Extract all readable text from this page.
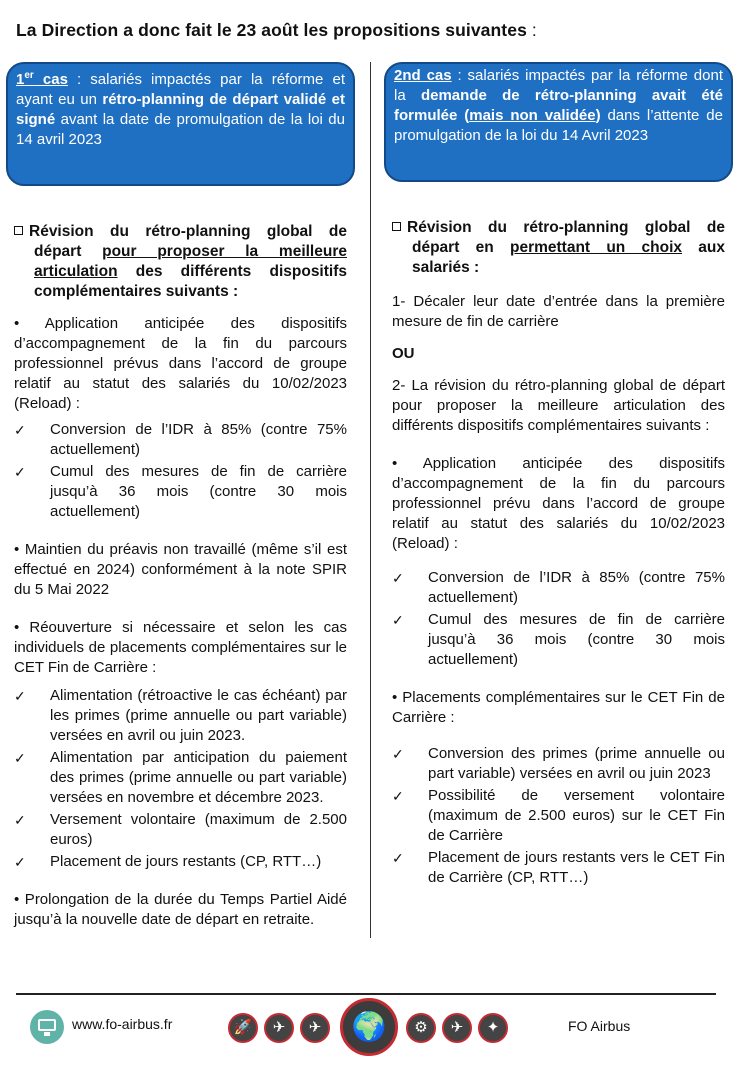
La Direction a donc fait le 23 août les propositions suivantes :
1er cas : salariés impactés par la réforme et ayant eu un rétro-planning de départ validé et signé avant la date de promulgation de la loi du 14 avril 2023
Révision du rétro-planning global de départ pour proposer la meilleure articulation des différents dispositifs complémentaires suivants :

• Application anticipée des dispositifs d’accompagnement de la fin du parcours professionnel prévus dans l’accord de groupe relatif au statut des salariés du 10/02/2023 (Reload) :

✓	Conversion de l’IDR à 85% (contre 75% actuellement)
✓	Cumul des mesures de fin de carrière jusqu’à 36 mois (contre 30 mois actuellement)

• Maintien du préavis non travaillé (même s’il est effectué en 2024) conformément à la note SPIR du 5 Mai 2022

• Réouverture si nécessaire et selon les cas individuels de placements complémentaires sur le CET Fin de Carrière :

✓	Alimentation (rétroactive le cas échéant) par les primes (prime annuelle ou part variable) versées en avril ou juin 2023.
✓	Alimentation par anticipation du paiement des primes (prime annuelle ou part variable) versées en novembre et décembre 2023.
✓	Versement volontaire (maximum de 2.500 euros)
✓	Placement de jours restants (CP, RTT…)

• Prolongation de la durée du Temps Partiel Aidé jusqu’à la nouvelle date de départ en retraite.

2nd cas : salariés impactés par la réforme dont la demande de rétro-planning avait été formulée (mais non validée) dans l’attente de promulgation de la loi du 14 Avril 2023
Révision du rétro-planning global de départ en permettant un choix aux salariés :

1- Décaler leur date d’entrée dans la première mesure de fin de carrière

OU

2- La révision du rétro-planning global de départ pour proposer la meilleure articulation des différents dispositifs complémentaires suivants :

• Application anticipée des dispositifs d’accompagnement de la fin du parcours professionnel prévu dans l’accord de groupe relatif au statut des salariés du 10/02/2023 (Reload) :

✓	Conversion de l’IDR à 85% (contre 75% actuellement)
✓	Cumul des mesures de fin de carrière jusqu’à 36 mois (contre 30 mois actuellement)

• Placements complémentaires sur le CET Fin de Carrière :

✓	Conversion des primes (prime annuelle ou part variable) versées en avril ou juin 2023
✓	Possibilité de versement volontaire (maximum de 2.500 euros) sur le CET Fin de Carrière
✓	Placement de jours restants vers le CET Fin de Carrière (CP, RTT…)
www.fo-airbus.fr	🚀	✈	✈	🌍	⚙	✈	✦	FO Airbus
